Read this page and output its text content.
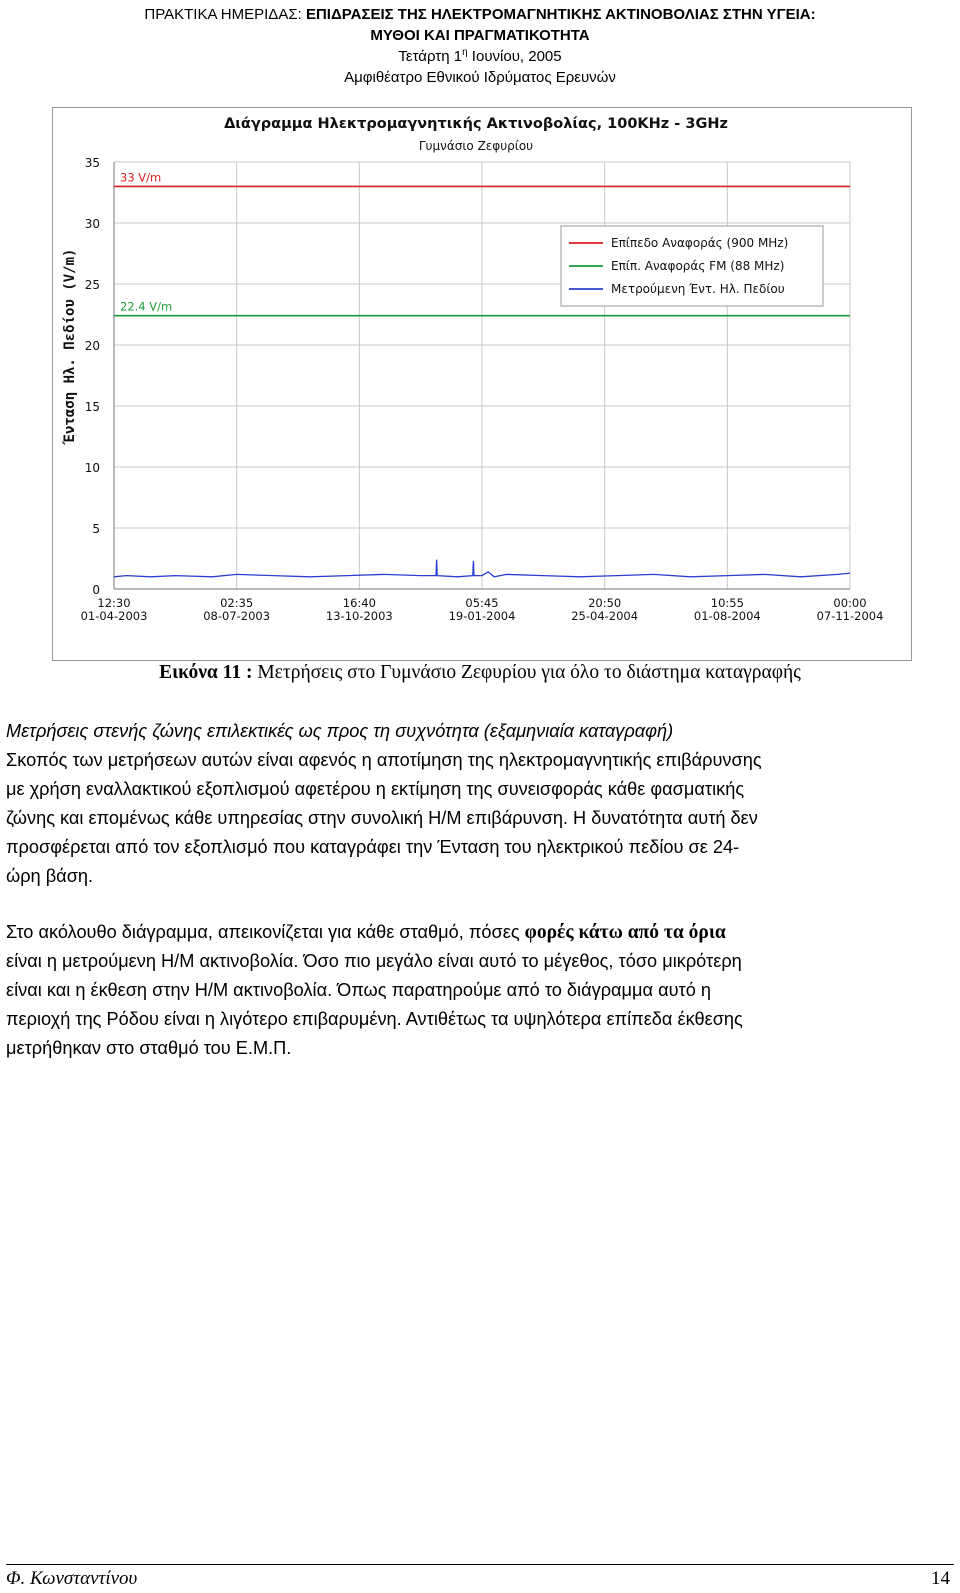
ΠΡΑΚΤΙΚΑ ΗΜΕΡΙΔΑΣ: ΕΠΙΔΡΑΣΕΙΣ ΤΗΣ ΗΛΕΚΤΡΟΜΑΓΝΗΤΙΚΗΣ ΑΚΤΙΝΟΒΟΛΙΑΣ ΣΤΗΝ ΥΓΕΙΑ:
ΜΥΘΟΙ ΚΑΙ ΠΡΑΓΜΑΤΙΚΟΤΗΤΑ
Τετάρτη $1^\eta$ Ιουνίου, 2005
Αμφιθέατρο Εθνικού Ιδρύματος Ερευνών
Διάγραμμα Ηλεκτρομαγνητικής Ακτινοβολίας, 100KHz - 3GHz
Γυμνάσιο Ζεφυρίου
Ένταση Ηλ. Πεδίου (V/m)
0
5
10
15
20
25
30
35
12:30
01-04-2003
02:35
08-07-2003
16:40
13-10-2003
05:45
19-01-2004
20:50
25-04-2004
10:55
01-08-2004
00:00
07-11-2004
33 V/m
22.4 V/m
Επίπεδο Αναφοράς (900 MHz)
Επίπ. Αναφοράς FM (88 MHz)
Μετρούμενη Έντ. Ηλ. Πεδίου
Εικόνα 11 : Μετρήσεις στο Γυμνάσιο Ζεφυρίου για όλο το διάστημα καταγραφής
Μετρήσεις στενής ζώνης επιλεκτικές ως προς τη συχνότητα (εξαμηνιαία καταγραφή)
Σκοπός των μετρήσεων αυτών είναι αφενός η αποτίμηση της ηλεκτρομαγνητικής επιβάρυνσης
με χρήση εναλλακτικού εξοπλισμού αφετέρου η εκτίμηση της συνεισφοράς κάθε φασματικής
ζώνης και επομένως κάθε υπηρεσίας στην συνολική Η/Μ επιβάρυνση. Η δυνατότητα αυτή δεν
προσφέρεται από τον εξοπλισμό που καταγράφει την Ένταση του ηλεκτρικού πεδίου σε 24-
ώρη βάση.
Στο ακόλουθο διάγραμμα, απεικονίζεται για κάθε σταθμό, πόσες φορές κάτω από τα όρια
είναι η μετρούμενη Η/Μ ακτινοβολία. Όσο πιο μεγάλο είναι αυτό το μέγεθος, τόσο μικρότερη
είναι και η έκθεση στην Η/Μ ακτινοβολία. Όπως παρατηρούμε από το διάγραμμα αυτό η
περιοχή της Ρόδου είναι η λιγότερο επιβαρυμένη. Αντιθέτως τα υψηλότερα επίπεδα έκθεσης
μετρήθηκαν στο σταθμό του Ε.Μ.Π.
Φ. Κωνσταντίνου	14
